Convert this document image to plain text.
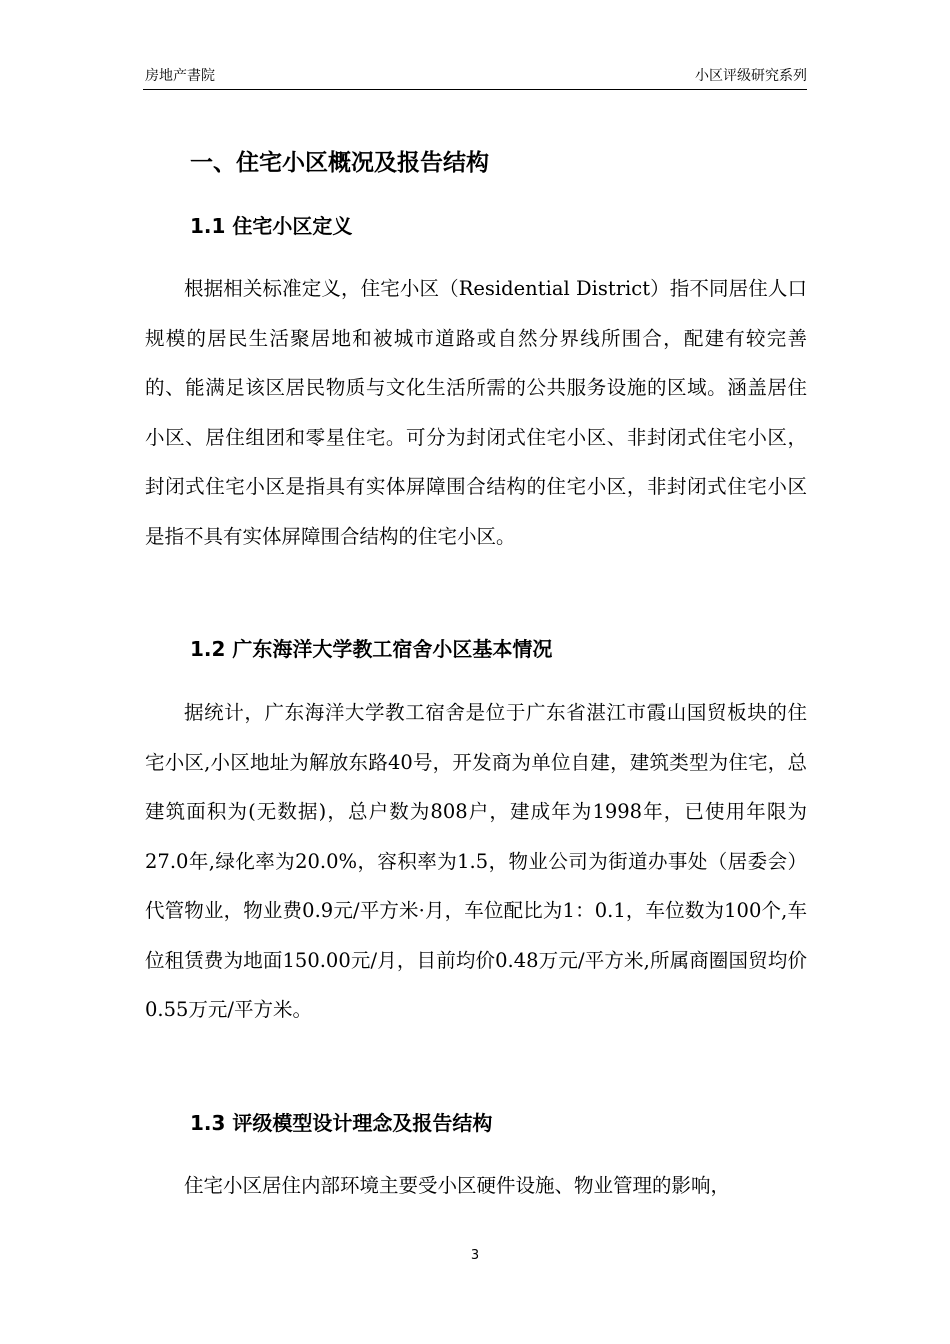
房地产書院	小区评级研究系列
一、住宅小区概况及报告结构
1.1 住宅小区定义

根据相关标准定义，住宅小区（Residential District）指不同居住人口规模的居民生活聚居地和被城市道路或自然分界线所围合，配建有较完善的、能满足该区居民物质与文化生活所需的公共服务设施的区域。涵盖居住小区、居住组团和零星住宅。可分为封闭式住宅小区、非封闭式住宅小区，封闭式住宅小区是指具有实体屏障围合结构的住宅小区，非封闭式住宅小区是指不具有实体屏障围合结构的住宅小区。

1.2 广东海洋大学教工宿舍小区基本情况

据统计，广东海洋大学教工宿舍是位于广东省湛江市霞山国贸板块的住宅小区,小区地址为解放东路40号，开发商为单位自建，建筑类型为住宅，总建筑面积为(无数据)，总户数为808户，建成年为1998年，已使用年限为27.0年,绿化率为20.0%，容积率为1.5，物业公司为街道办事处（居委会）代管物业，物业费0.9元/平方米·月，车位配比为1：0.1，车位数为100个,车位租赁费为地面150.00元/月，目前均价0.48万元/平方米,所属商圈国贸均价0.55万元/平方米。

1.3 评级模型设计理念及报告结构

住宅小区居住内部环境主要受小区硬件设施、物业管理的影响，

3
